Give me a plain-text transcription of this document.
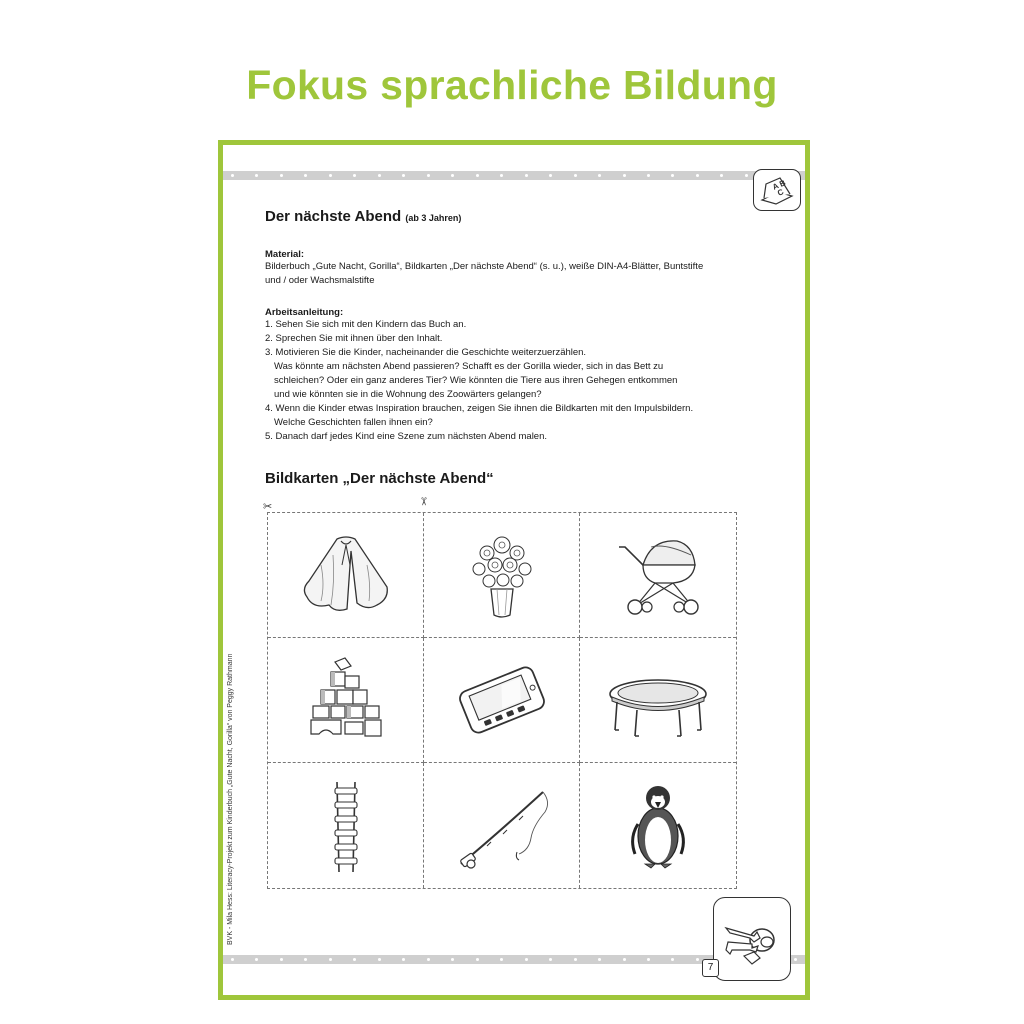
Fokus sprachliche Bildung
A
B
C
7
BVK - Mila Hess: Literacy-Projekt zum Kinderbuch „Gute Nacht, Gorilla“ von Peggy Rathmann
Der nächste Abend (ab 3 Jahren)
Material:
Bilderbuch „Gute Nacht, Gorilla“, Bildkarten „Der nächste Abend“ (s. u.), weiße DIN-A4-Blätter, Buntstifte
und / oder Wachsmalstifte
Arbeitsanleitung:
1. Sehen Sie sich mit den Kindern das Buch an.
2. Sprechen Sie mit ihnen über den Inhalt.
3. Motivieren Sie die Kinder, nacheinander die Geschichte weiterzuerzählen.
Was könnte am nächsten Abend passieren? Schafft es der Gorilla wieder, sich in das Bett zu
schleichen? Oder ein ganz anderes Tier? Wie könnten die Tiere aus ihren Gehegen entkommen
und wie könnten sie in die Wohnung des Zoowärters gelangen?
4. Wenn die Kinder etwas Inspiration brauchen, zeigen Sie ihnen die Bildkarten mit den Impulsbildern.
Welche Geschichten fallen ihnen ein?
5. Danach darf jedes Kind eine Szene zum nächsten Abend malen.
Bildkarten „Der nächste Abend“
✂	✂
